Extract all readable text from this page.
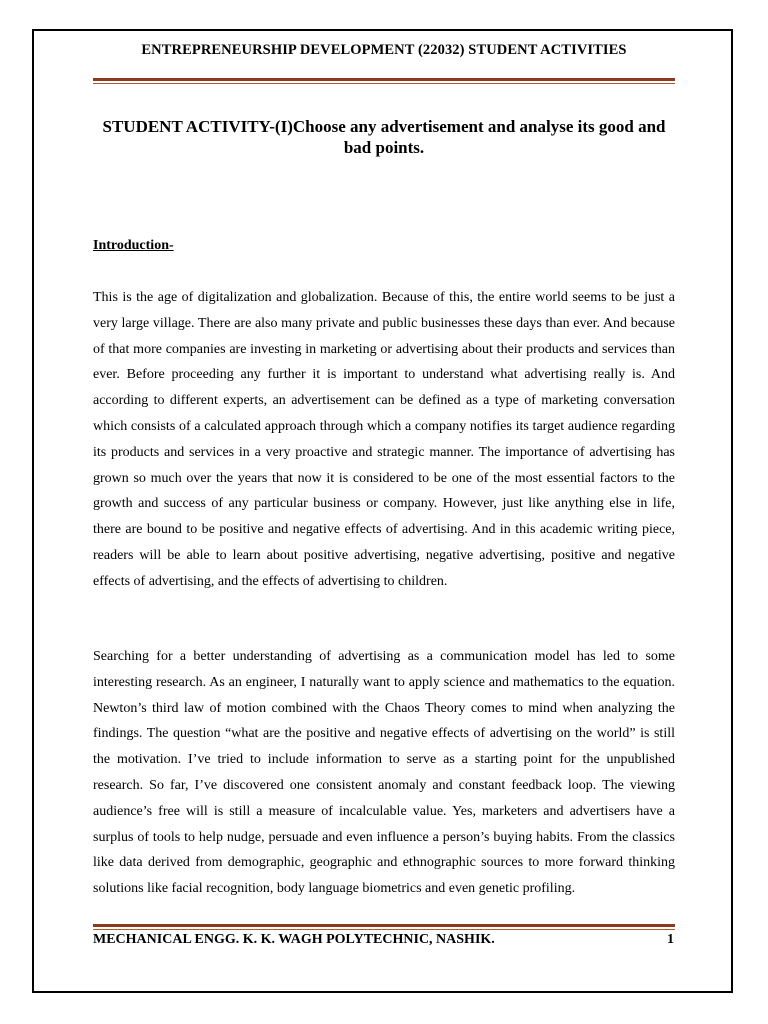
ENTREPRENEURSHIP DEVELOPMENT (22032) STUDENT ACTIVITIES
STUDENT ACTIVITY-(I)Choose any advertisement and analyse its good and bad points.
Introduction-

This is the age of digitalization and globalization. Because of this, the entire world seems to be just a very large village. There are also many private and public businesses these days than ever. And because of that more companies are investing in marketing or advertising about their products and services than ever. Before proceeding any further it is important to understand what advertising really is. And according to different experts, an advertisement can be defined as a type of marketing conversation which consists of a calculated approach through which a company notifies its target audience regarding its products and services in a very proactive and strategic manner. The importance of advertising has grown so much over the years that now it is considered to be one of the most essential factors to the growth and success of any particular business or company. However, just like anything else in life, there are bound to be positive and negative effects of advertising. And in this academic writing piece, readers will be able to learn about positive advertising, negative advertising, positive and negative effects of advertising, and the effects of advertising to children.

Searching for a better understanding of advertising as a communication model has led to some interesting research. As an engineer, I naturally want to apply science and mathematics to the equation. Newton’s third law of motion combined with the Chaos Theory comes to mind when analyzing the findings. The question “what are the positive and negative effects of advertising on the world” is still the motivation. I’ve tried to include information to serve as a starting point for the unpublished research. So far, I’ve discovered one consistent anomaly and constant feedback loop. The viewing audience’s free will is still a measure of incalculable value. Yes, marketers and advertisers have a surplus of tools to help nudge, persuade and even influence a person’s buying habits. From the classics like data derived from demographic, geographic and ethnographic sources to more forward thinking solutions like facial recognition, body language biometrics and even genetic profiling.

MECHANICAL ENGG. K. K. WAGH POLYTECHNIC, NASHIK.	1
